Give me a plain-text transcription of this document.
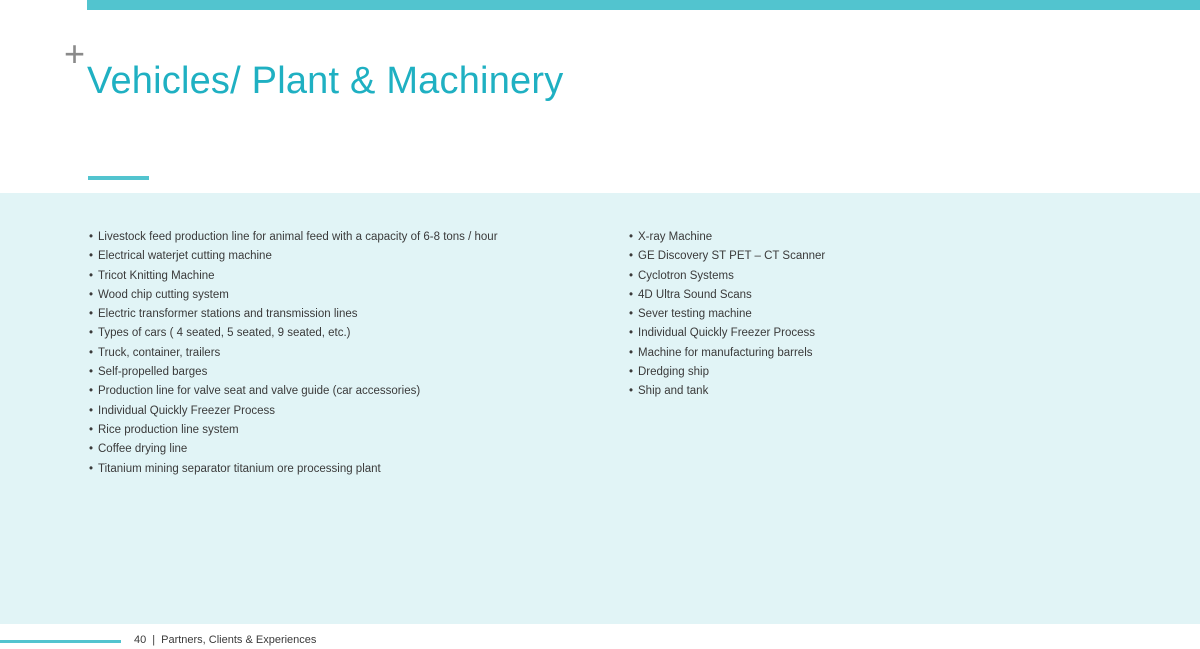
+
Vehicles/ Plant & Machinery
• Livestock feed production line for animal feed with a capacity of 6-8 tons / hour
• Electrical waterjet cutting machine
• Tricot Knitting Machine
• Wood chip cutting system
• Electric transformer stations and transmission lines
• Types of cars ( 4 seated, 5 seated, 9 seated, etc.)
• Truck, container, trailers
• Self-propelled barges
• Production line for valve seat and valve guide (car accessories)
• Individual Quickly Freezer Process
• Rice production line system
• Coffee drying line
• Titanium mining separator titanium ore processing plant
• X-ray Machine
• GE Discovery ST PET – CT Scanner
• Cyclotron Systems
• 4D Ultra Sound Scans
• Sever testing machine
• Individual Quickly Freezer Process
• Machine for manufacturing barrels
• Dredging ship
• Ship and tank
40 | Partners, Clients & Experiences
